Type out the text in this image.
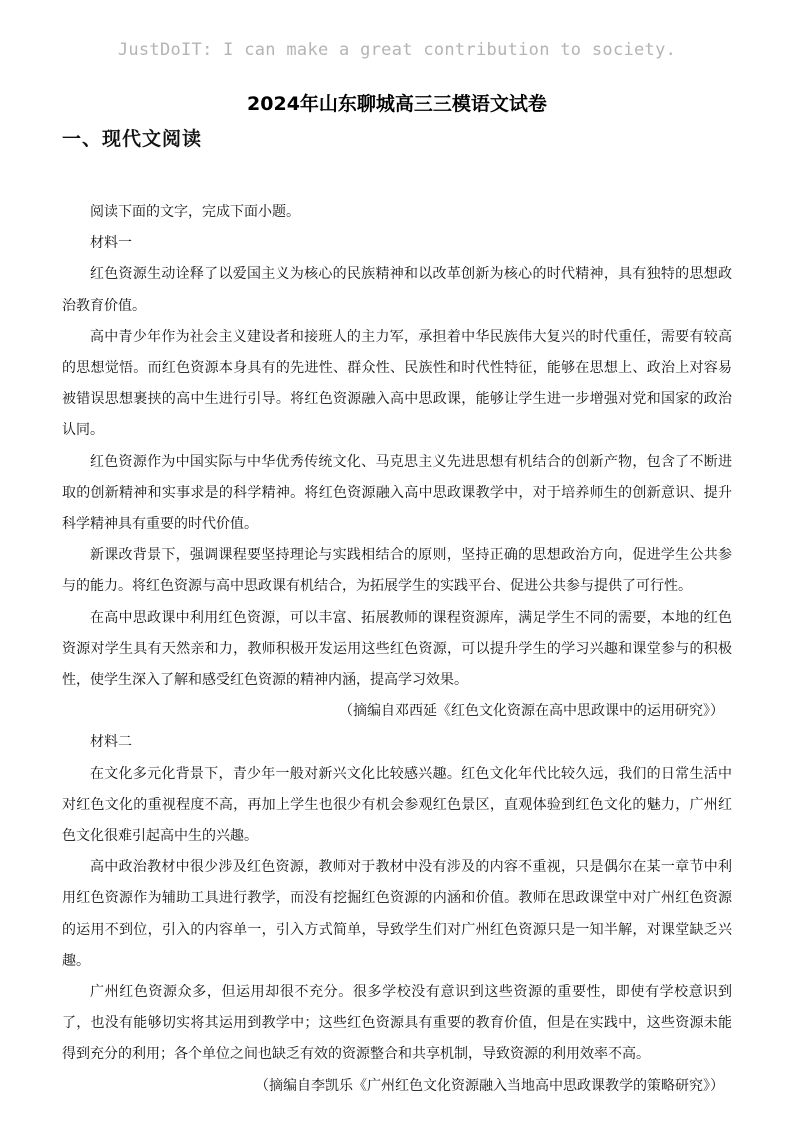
JustDoIT: I can make a great contribution to society.
2024年山东聊城高三三模语文试卷
一、现代文阅读

阅读下面的文字，完成下面小题。

材料一

红色资源生动诠释了以爱国主义为核心的民族精神和以改革创新为核心的时代精神，具有独特的思想政治教育价值。

高中青少年作为社会主义建设者和接班人的主力军，承担着中华民族伟大复兴的时代重任，需要有较高的思想觉悟。而红色资源本身具有的先进性、群众性、民族性和时代性特征，能够在思想上、政治上对容易被错误思想裹挟的高中生进行引导。将红色资源融入高中思政课，能够让学生进一步增强对党和国家的政治认同。

红色资源作为中国实际与中华优秀传统文化、马克思主义先进思想有机结合的创新产物，包含了不断进取的创新精神和实事求是的科学精神。将红色资源融入高中思政课教学中，对于培养师生的创新意识、提升科学精神具有重要的时代价值。

新课改背景下，强调课程要坚持理论与实践相结合的原则，坚持正确的思想政治方向，促进学生公共参与的能力。将红色资源与高中思政课有机结合，为拓展学生的实践平台、促进公共参与提供了可行性。

在高中思政课中利用红色资源，可以丰富、拓展教师的课程资源库，满足学生不同的需要，本地的红色资源对学生具有天然亲和力，教师积极开发运用这些红色资源，可以提升学生的学习兴趣和课堂参与的积极性，使学生深入了解和感受红色资源的精神内涵，提高学习效果。

（摘编自邓西延《红色文化资源在高中思政课中的运用研究》）

材料二

在文化多元化背景下，青少年一般对新兴文化比较感兴趣。红色文化年代比较久远，我们的日常生活中对红色文化的重视程度不高，再加上学生也很少有机会参观红色景区，直观体验到红色文化的魅力，广州红色文化很难引起高中生的兴趣。

高中政治教材中很少涉及红色资源，教师对于教材中没有涉及的内容不重视，只是偶尔在某一章节中利用红色资源作为辅助工具进行教学，而没有挖掘红色资源的内涵和价值。教师在思政课堂中对广州红色资源的运用不到位，引入的内容单一，引入方式简单，导致学生们对广州红色资源只是一知半解，对课堂缺乏兴趣。

广州红色资源众多，但运用却很不充分。很多学校没有意识到这些资源的重要性，即使有学校意识到了，也没有能够切实将其运用到教学中；这些红色资源具有重要的教育价值，但是在实践中，这些资源未能得到充分的利用；各个单位之间也缺乏有效的资源整合和共享机制，导致资源的利用效率不高。

（摘编自李凯乐《广州红色文化资源融入当地高中思政课教学的策略研究》）
